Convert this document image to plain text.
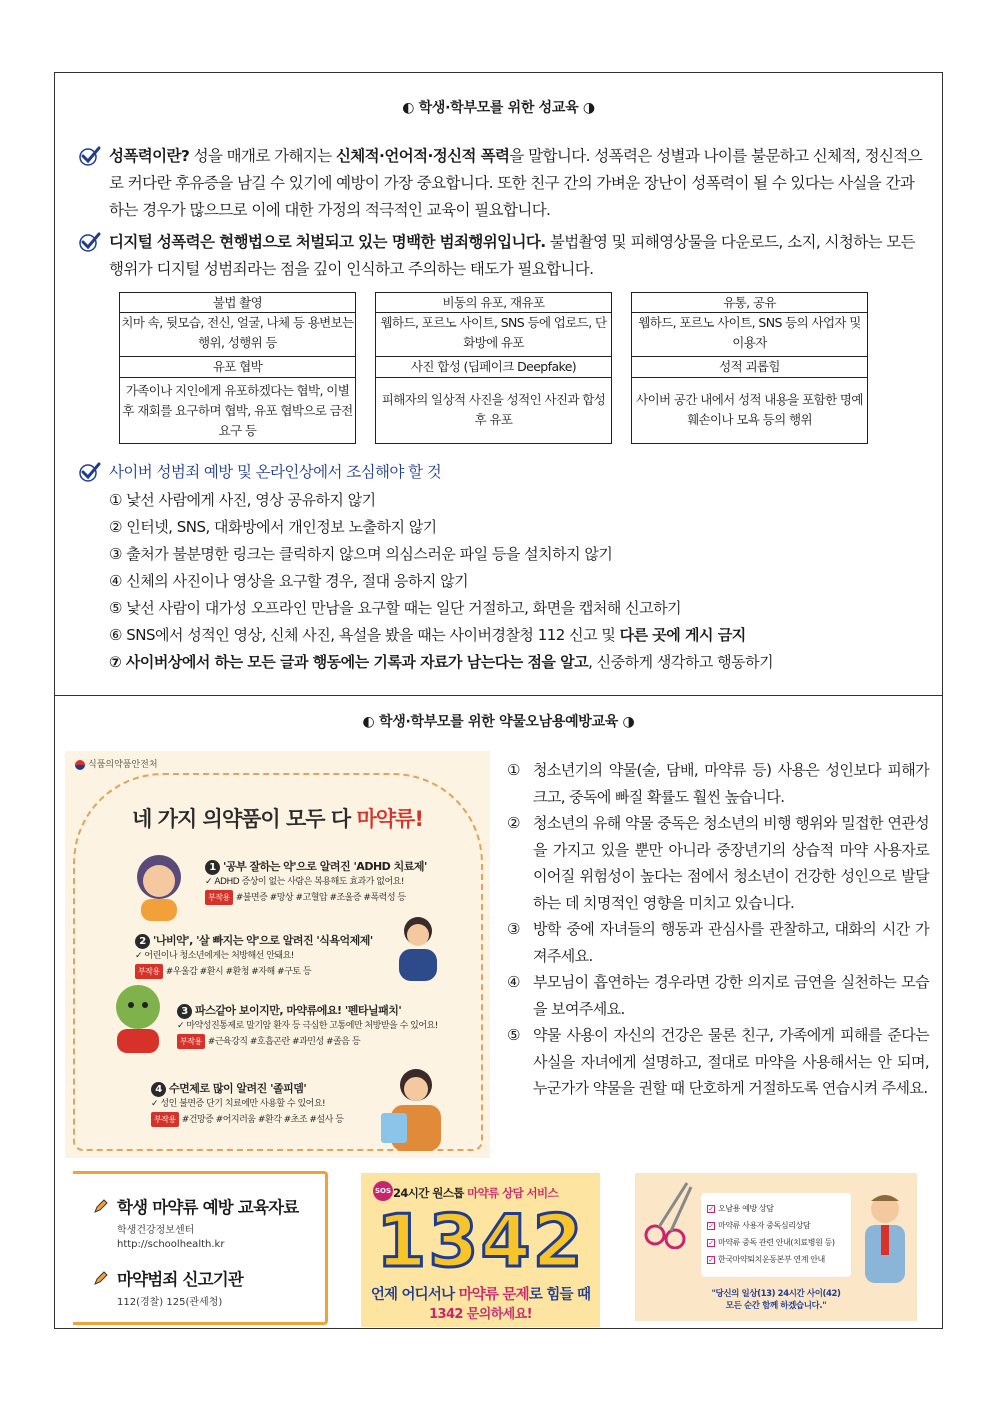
◐ 학생·학부모를 위한 성교육 ◑
성폭력이란? 성을 매개로 가해지는 신체적·언어적·정신적 폭력을 말합니다. 성폭력은 성별과 나이를 불문하고 신체적, 정신적으로 커다란 후유증을 남길 수 있기에 예방이 가장 중요합니다. 또한 친구 간의 가벼운 장난이 성폭력이 될 수 있다는 사실을 간과하는 경우가 많으므로 이에 대한 가정의 적극적인 교육이 필요합니다.
디지털 성폭력은 현행법으로 처벌되고 있는 명백한 범죄행위입니다. 불법촬영 및 피해영상물을 다운로드, 소지, 시청하는 모든 행위가 디지털 성범죄라는 점을 깊이 인식하고 주의하는 태도가 필요합니다.
불법 촬영
치마 속, 뒷모습, 전신, 얼굴, 나체 등 용변보는 행위, 성행위 등
유포 협박
가족이나 지인에게 유포하겠다는 협박, 이별 후 재회를 요구하며 협박, 유포 협박으로 금전 요구 등
비동의 유포, 재유포
웹하드, 포르노 사이트, SNS 등에 업로드, 단화방에 유포
사진 합성 (딥페이크 Deepfake)
피해자의 일상적 사진을 성적인 사진과 합성 후 유포
유통, 공유
웹하드, 포르노 사이트, SNS 등의 사업자 및 이용자
성적 괴롭힘
사이버 공간 내에서 성적 내용을 포함한 명예훼손이나 모욕 등의 행위
사이버 성범죄 예방 및 온라인상에서 조심해야 할 것
① 낯선 사람에게 사진, 영상 공유하지 않기
② 인터넷, SNS, 대화방에서 개인정보 노출하지 않기
③ 출처가 불분명한 링크는 클릭하지 않으며 의심스러운 파일 등을 설치하지 않기
④ 신체의 사진이나 영상을 요구할 경우, 절대 응하지 않기
⑤ 낯선 사람이 대가성 오프라인 만남을 요구할 때는 일단 거절하고, 화면을 캡처해 신고하기
⑥ SNS에서 성적인 영상, 신체 사진, 욕설을 봤을 때는 사이버경찰청 112 신고 및 다른 곳에 게시 금지
⑦ 사이버상에서 하는 모든 글과 행동에는 기록과 자료가 남는다는 점을 알고, 신중하게 생각하고 행동하기
◐ 학생·학부모를 위한 약물오남용예방교육 ◑
식품의약품안전처
네 가지 의약품이 모두 다 마약류!
1 '공부 잘하는 약'으로 알려진 'ADHD 치료제'
✓ ADHD 증상이 없는 사람은 복용해도 효과가 없어요!
부작용 #불면증 #망상 #고혈압 #조울증 #폭력성 등
2 '나비약', '살 빠지는 약'으로 알려진 '식욕억제제'
✓ 어린이나 청소년에게는 처방해선 안돼요!
부작용 #우울감 #환시 #환청 #자해 #구토 등
3 파스같아 보이지만, 마약류에요! '펜타닐패치'
✓ 마약성진통제로 말기암 환자 등 극심한 고통에만 처방받을 수 있어요!
부작용 #근육강직 #호흡곤란 #과민성 #졸음 등
4 수면제로 많이 알려진 '졸피뎀'
✓ 성인 불면증 단기 치료에만 사용할 수 있어요!
부작용 #건망증 #어지러움 #환각 #초조 #설사 등
① 청소년기의 약물(술, 담배, 마약류 등) 사용은 성인보다 피해가 크고, 중독에 빠질 확률도 훨씬 높습니다.
② 청소년의 유해 약물 중독은 청소년의 비행 행위와 밀접한 연관성을 가지고 있을 뿐만 아니라 중장년기의 상습적 마약 사용자로 이어질 위험성이 높다는 점에서 청소년이 건강한 성인으로 발달하는 데 치명적인 영향을 미치고 있습니다.
③ 방학 중에 자녀들의 행동과 관심사를 관찰하고, 대화의 시간 가져주세요.
④ 부모님이 흡연하는 경우라면 강한 의지로 금연을 실천하는 모습을 보여주세요.
⑤ 약물 사용이 자신의 건강은 물론 친구, 가족에게 피해를 준다는 사실을 자녀에게 설명하고, 절대로 마약을 사용해서는 안 되며, 누군가가 약물을 권할 때 단호하게 거절하도록 연습시켜 주세요.
학생 마약류 예방 교육자료
학생건강정보센터
http://schoolhealth.kr
마약범죄 신고기관
112(경찰) 125(관세청)
SOS 24시간 원스톱 마약류 상담 서비스
1342
언제 어디서나 마약류 문제로 힘들 때
1342 문의하세요!
✓ 오남용 예방 상담
✓ 마약류 사용자 중독심리상담
✓ 마약류 중독 관련 안내(치료병원 등)
✓ 한국마약퇴치운동본부 연계 안내
"당신의 일상(13) 24시간 사이(42)
모든 순간 함께 하겠습니다."
